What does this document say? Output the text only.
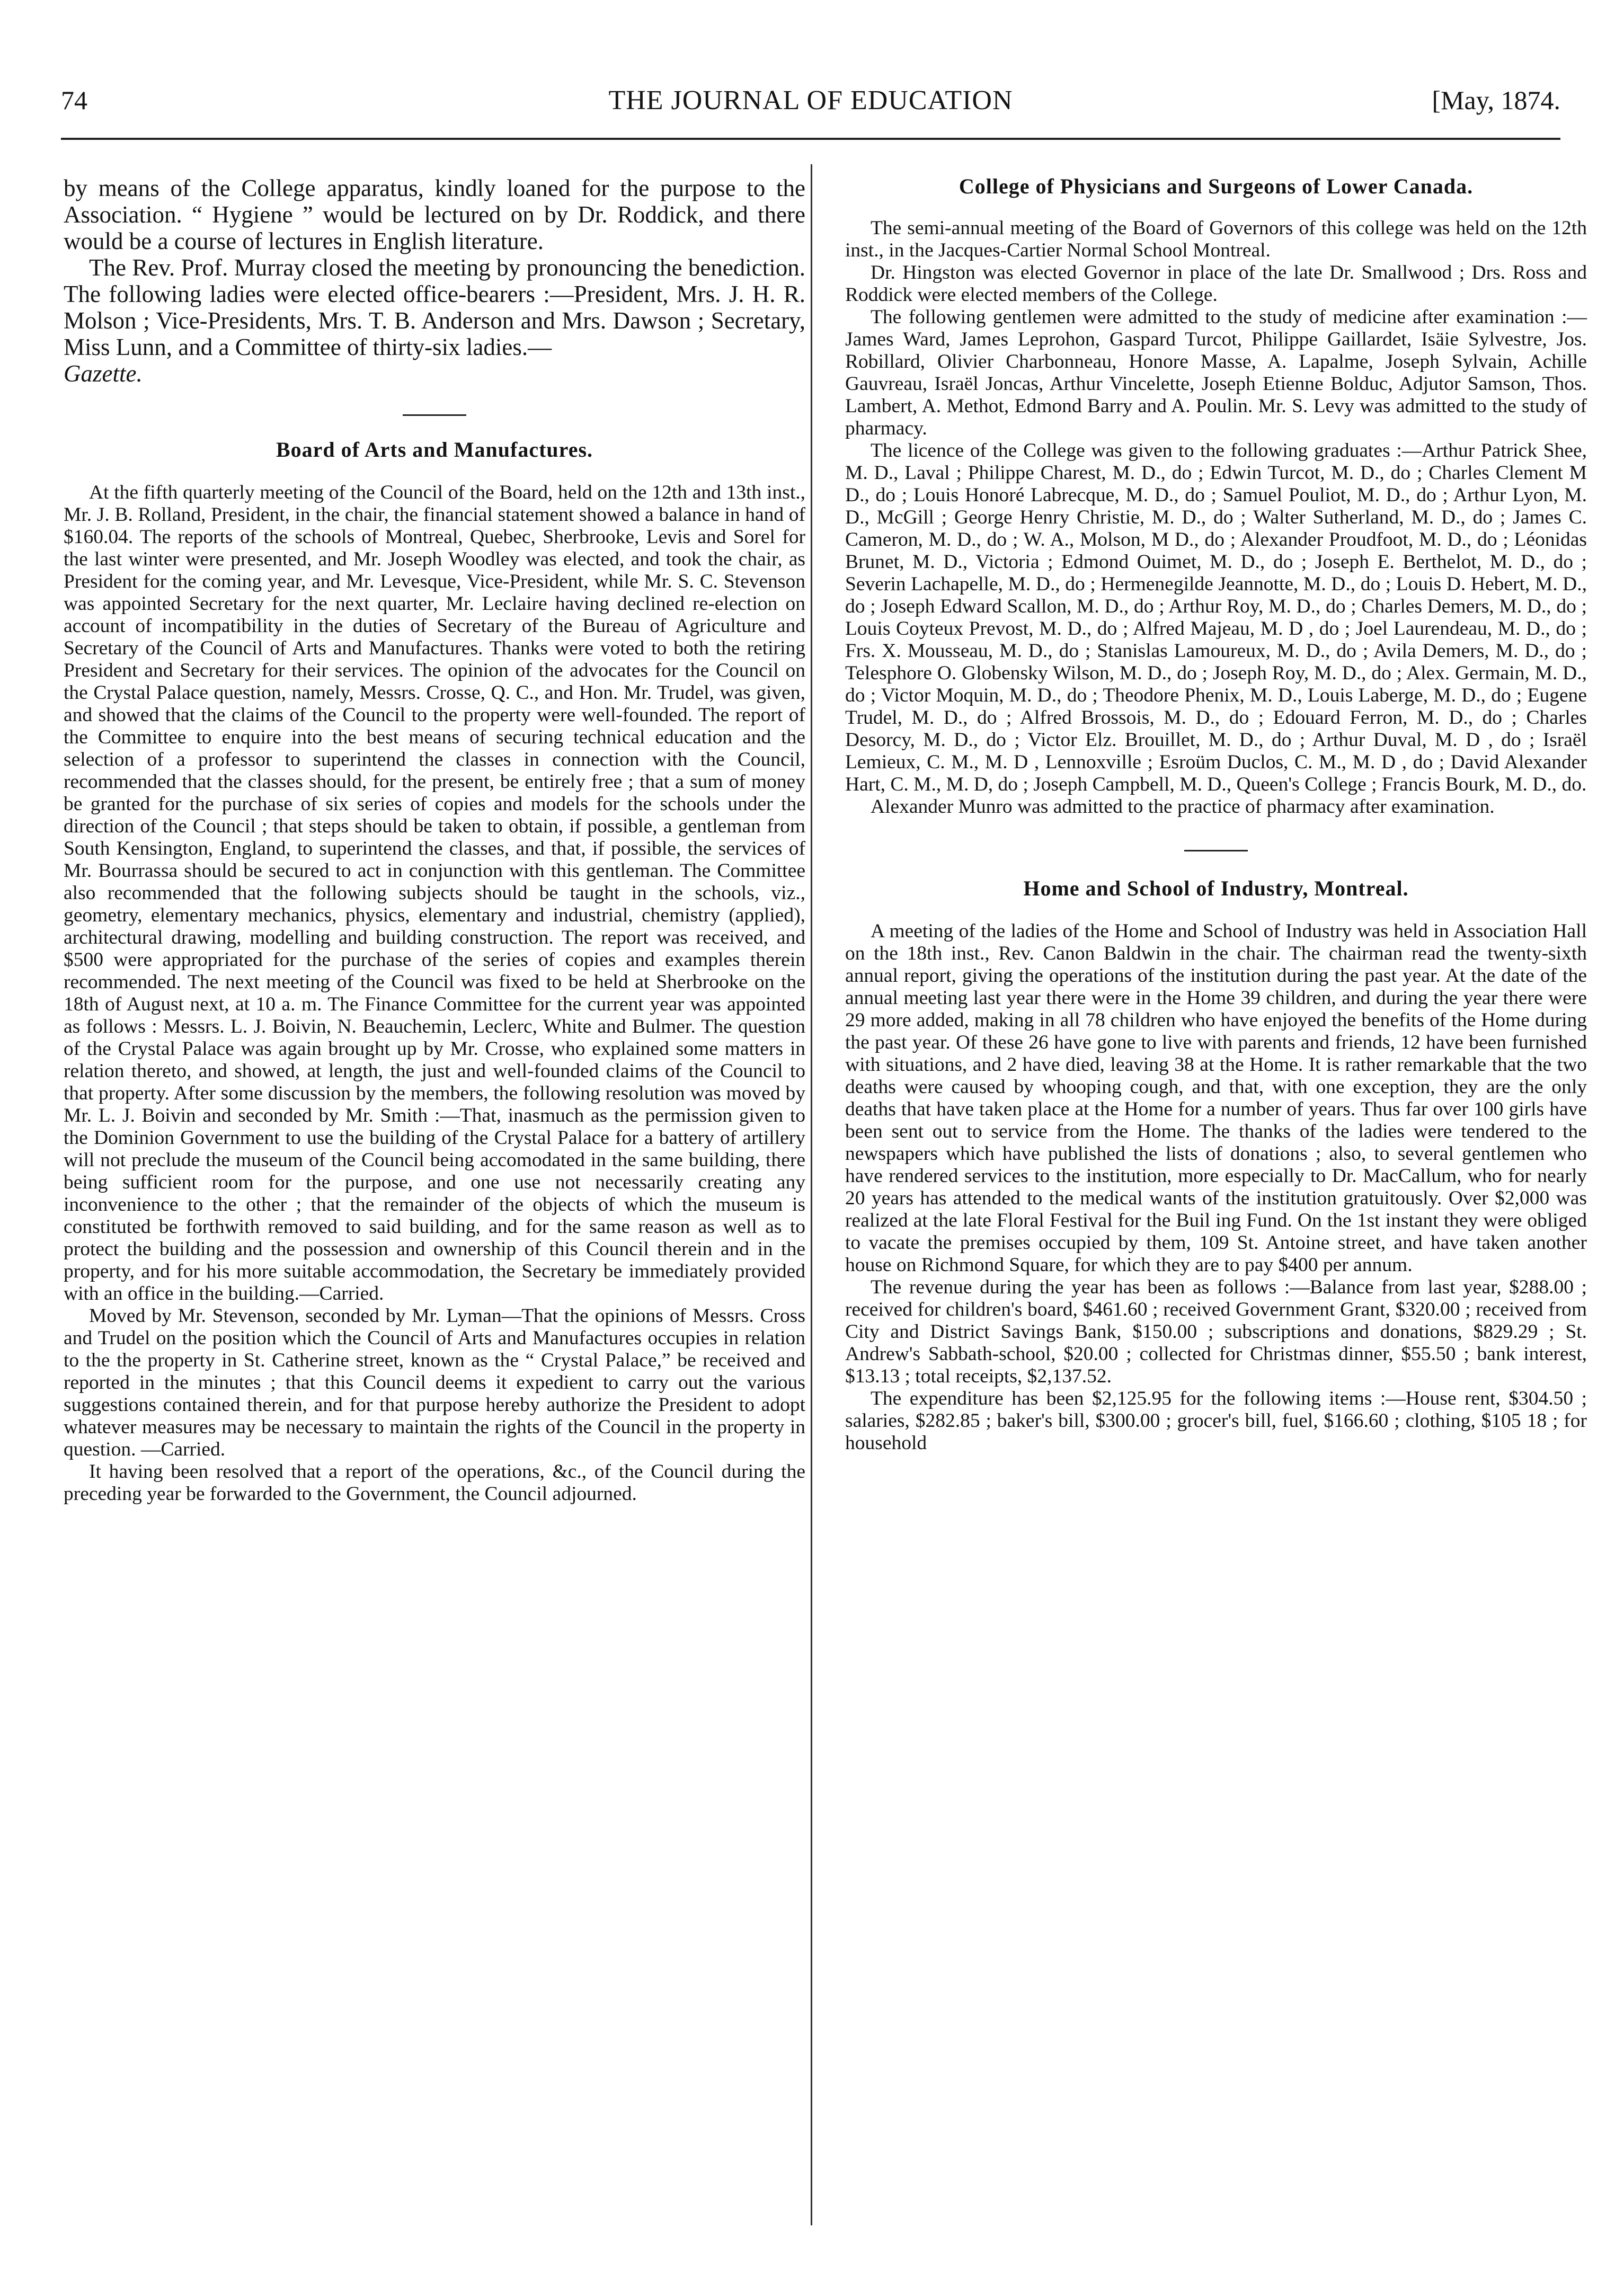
74	THE JOURNAL OF EDUCATION	[May, 1874.

by means of the College apparatus, kindly loaned for the purpose to the Association. “ Hygiene ” would be lectured on by Dr. Roddick, and there would be a course of lectures in English literature.

The Rev. Prof. Murray closed the meeting by pronouncing the benediction. The following ladies were elected office-bearers :—President, Mrs. J. H. R. Molson ; Vice-Presidents, Mrs. T. B. Anderson and Mrs. Dawson ; Secretary, Miss Lunn, and a Committee of thirty-six ladies.—
Gazette.

Board of Arts and Manufactures.

At the fifth quarterly meeting of the Council of the Board, held on the 12th and 13th inst., Mr. J. B. Rolland, President, in the chair, the financial statement showed a balance in hand of $160.04. The reports of the schools of Montreal, Quebec, Sherbrooke, Levis and Sorel for the last winter were presented, and Mr. Joseph Woodley was elected, and took the chair, as President for the coming year, and Mr. Levesque, Vice-President, while Mr. S. C. Stevenson was appointed Secretary for the next quarter, Mr. Leclaire having declined re-election on account of incompatibility in the duties of Secretary of the Bureau of Agriculture and Secretary of the Council of Arts and Manufactures. Thanks were voted to both the retiring President and Secretary for their services. The opinion of the advocates for the Council on the Crystal Palace question, namely, Messrs. Crosse, Q. C., and Hon. Mr. Trudel, was given, and showed that the claims of the Council to the property were well-founded. The report of the Committee to enquire into the best means of securing technical education and the selection of a professor to superintend the classes in connection with the Council, recommended that the classes should, for the present, be entirely free ; that a sum of money be granted for the purchase of six series of copies and models for the schools under the direction of the Council ; that steps should be taken to obtain, if possible, a gentleman from South Kensington, England, to superintend the classes, and that, if possible, the services of Mr. Bourrassa should be secured to act in conjunction with this gentleman. The Committee also recommended that the following subjects should be taught in the schools, viz., geometry, elementary mechanics, physics, elementary and industrial, chemistry (applied), architectural drawing, modelling and building construction. The report was received, and $500 were appropriated for the purchase of the series of copies and examples therein recommended. The next meeting of the Council was fixed to be held at Sherbrooke on the 18th of August next, at 10 a. m. The Finance Committee for the current year was appointed as follows : Messrs. L. J. Boivin, N. Beauchemin, Leclerc, White and Bulmer. The question of the Crystal Palace was again brought up by Mr. Crosse, who explained some matters in relation thereto, and showed, at length, the just and well-founded claims of the Council to that property. After some discussion by the members, the following resolution was moved by Mr. L. J. Boivin and seconded by Mr. Smith :—That, inasmuch as the permission given to the Dominion Government to use the building of the Crystal Palace for a battery of artillery will not preclude the museum of the Council being accomodated in the same building, there being sufficient room for the purpose, and one use not necessarily creating any inconvenience to the other ; that the remainder of the objects of which the museum is constituted be forthwith removed to said building, and for the same reason as well as to protect the building and the possession and ownership of this Council therein and in the property, and for his more suitable accommodation, the Secretary be immediately provided with an office in the building.—Carried.

Moved by Mr. Stevenson, seconded by Mr. Lyman—That the opinions of Messrs. Cross and Trudel on the position which the Council of Arts and Manufactures occupies in relation to the the property in St. Catherine street, known as the “ Crystal Palace,” be received and reported in the minutes ; that this Council deems it expedient to carry out the various suggestions contained therein, and for that purpose hereby authorize the President to adopt whatever measures may be necessary to maintain the rights of the Council in the property in question. —Carried.

It having been resolved that a report of the operations, &c., of the Council during the preceding year be forwarded to the Government, the Council adjourned.

College of Physicians and Surgeons of Lower Canada.

The semi-annual meeting of the Board of Governors of this college was held on the 12th inst., in the Jacques-Cartier Normal School Montreal.

Dr. Hingston was elected Governor in place of the late Dr. Smallwood ; Drs. Ross and Roddick were elected members of the College.

The following gentlemen were admitted to the study of medicine after examination :—James Ward, James Leprohon, Gaspard Turcot, Philippe Gaillardet, Isäie Sylvestre, Jos. Robillard, Olivier Charbonneau, Honore Masse, A. Lapalme, Joseph Sylvain, Achille Gauvreau, Israël Joncas, Arthur Vincelette, Joseph Etienne Bolduc, Adjutor Samson, Thos. Lambert, A. Methot, Edmond Barry and A. Poulin. Mr. S. Levy was admitted to the study of pharmacy.

The licence of the College was given to the following graduates :—Arthur Patrick Shee, M. D., Laval ; Philippe Charest, M. D., do ; Edwin Turcot, M. D., do ; Charles Clement M D., do ; Louis Honoré Labrecque, M. D., do ; Samuel Pouliot, M. D., do ; Arthur Lyon, M. D., McGill ; George Henry Christie, M. D., do ; Walter Sutherland, M. D., do ; James C. Cameron, M. D., do ; W. A., Molson, M D., do ; Alexander Proudfoot, M. D., do ; Léonidas Brunet, M. D., Victoria ; Edmond Ouimet, M. D., do ; Joseph E. Berthelot, M. D., do ; Severin Lachapelle, M. D., do ; Hermenegilde Jeannotte, M. D., do ; Louis D. Hebert, M. D., do ; Joseph Edward Scallon, M. D., do ; Arthur Roy, M. D., do ; Charles Demers, M. D., do ; Louis Coyteux Prevost, M. D., do ; Alfred Majeau, M. D , do ; Joel Laurendeau, M. D., do ; Frs. X. Mousseau, M. D., do ; Stanislas Lamoureux, M. D., do ; Avila Demers, M. D., do ; Telesphore O. Globensky Wilson, M. D., do ; Joseph Roy, M. D., do ; Alex. Germain, M. D., do ; Victor Moquin, M. D., do ; Theodore Phenix, M. D., Louis Laberge, M. D., do ; Eugene Trudel, M. D., do ; Alfred Brossois, M. D., do ; Edouard Ferron, M. D., do ; Charles Desorcy, M. D., do ; Victor Elz. Brouillet, M. D., do ; Arthur Duval, M. D , do ; Israël Lemieux, C. M., M. D , Lennoxville ; Esroüm Duclos, C. M., M. D , do ; David Alexander Hart, C. M., M. D, do ; Joseph Campbell, M. D., Queen's College ; Francis Bourk, M. D., do.

Alexander Munro was admitted to the practice of pharmacy after examination.

Home and School of Industry, Montreal.

A meeting of the ladies of the Home and School of Industry was held in Association Hall on the 18th inst., Rev. Canon Baldwin in the chair. The chairman read the twenty-sixth annual report, giving the operations of the institution during the past year. At the date of the annual meeting last year there were in the Home 39 children, and during the year there were 29 more added, making in all 78 children who have enjoyed the benefits of the Home during the past year. Of these 26 have gone to live with parents and friends, 12 have been furnished with situations, and 2 have died, leaving 38 at the Home. It is rather remarkable that the two deaths were caused by whooping cough, and that, with one exception, they are the only deaths that have taken place at the Home for a number of years. Thus far over 100 girls have been sent out to service from the Home. The thanks of the ladies were tendered to the newspapers which have published the lists of donations ; also, to several gentlemen who have rendered services to the institution, more especially to Dr. MacCallum, who for nearly 20 years has attended to the medical wants of the institution gratuitously. Over $2,000 was realized at the late Floral Festival for the Buil ing Fund. On the 1st instant they were obliged to vacate the premises occupied by them, 109 St. Antoine street, and have taken another house on Richmond Square, for which they are to pay $400 per annum.

The revenue during the year has been as follows :—Balance from last year, $288.00 ; received for children's board, $461.60 ; received Government Grant, $320.00 ; received from City and District Savings Bank, $150.00 ; subscriptions and donations, $829.29 ; St. Andrew's Sabbath-school, $20.00 ; collected for Christmas dinner, $55.50 ; bank interest, $13.13 ; total receipts, $2,137.52.

The expenditure has been $2,125.95 for the following items :—House rent, $304.50 ; salaries, $282.85 ; baker's bill, $300.00 ; grocer's bill, fuel, $166.60 ; clothing, $105 18 ; for household
